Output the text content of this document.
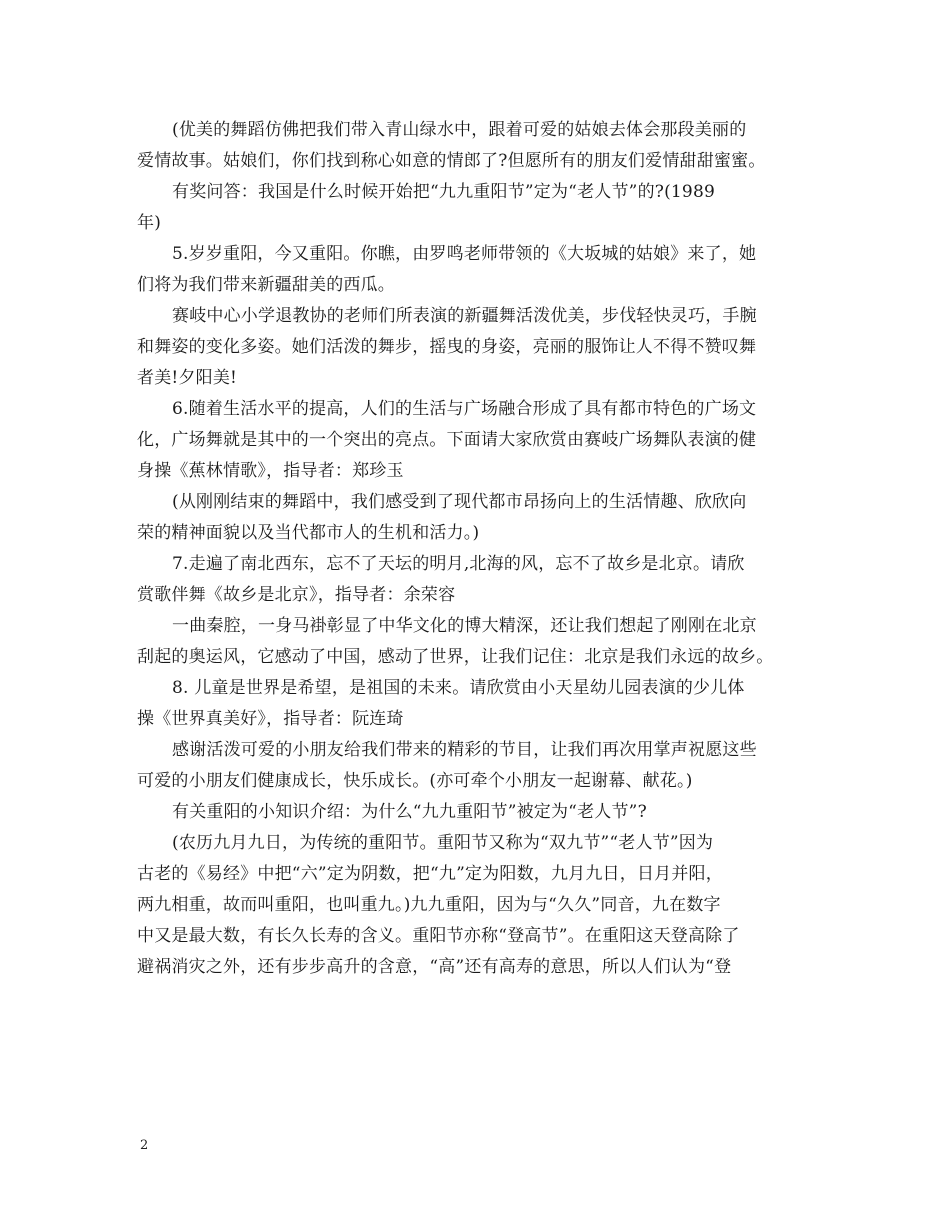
(优美的舞蹈仿佛把我们带入青山绿水中，跟着可爱的姑娘去体会那段美丽的
爱情故事。姑娘们，你们找到称心如意的情郎了?但愿所有的朋友们爱情甜甜蜜蜜。
有奖问答：我国是什么时候开始把“九九重阳节”定为“老人节”的?(1989
年)
5.岁岁重阳，今又重阳。你瞧，由罗鸣老师带领的《大坂城的姑娘》来了，她
们将为我们带来新疆甜美的西瓜。
赛岐中心小学退教协的老师们所表演的新疆舞活泼优美，步伐轻快灵巧，手腕
和舞姿的变化多姿。她们活泼的舞步，摇曳的身姿，亮丽的服饰让人不得不赞叹舞
者美!夕阳美!
6.随着生活水平的提高，人们的生活与广场融合形成了具有都市特色的广场文
化，广场舞就是其中的一个突出的亮点。下面请大家欣赏由赛岐广场舞队表演的健
身操《蕉林情歌》，指导者：郑珍玉
(从刚刚结束的舞蹈中，我们感受到了现代都市昂扬向上的生活情趣、欣欣向
荣的精神面貌以及当代都市人的生机和活力。)
7.走遍了南北西东，忘不了天坛的明月,北海的风，忘不了故乡是北京。请欣
赏歌伴舞《故乡是北京》，指导者：余荣容
一曲秦腔，一身马褂彰显了中华文化的博大精深，还让我们想起了刚刚在北京
刮起的奥运风，它感动了中国，感动了世界，让我们记住：北京是我们永远的故乡。
8. 儿童是世界是希望，是祖国的未来。请欣赏由小天星幼儿园表演的少儿体
操《世界真美好》，指导者：阮连琦
感谢活泼可爱的小朋友给我们带来的精彩的节目，让我们再次用掌声祝愿这些
可爱的小朋友们健康成长，快乐成长。(亦可牵个小朋友一起谢幕、献花。)
有关重阳的小知识介绍：为什么“九九重阳节”被定为“老人节”?
(农历九月九日，为传统的重阳节。重阳节又称为“双九节”“老人节”因为
古老的《易经》中把“六”定为阴数，把“九”定为阳数，九月九日，日月并阳，
两九相重，故而叫重阳，也叫重九。)九九重阳，因为与“久久”同音，九在数字
中又是最大数，有长久长寿的含义。重阳节亦称“登高节”。在重阳这天登高除了
避祸消灾之外，还有步步高升的含意，“高”还有高寿的意思，所以人们认为“登
2
